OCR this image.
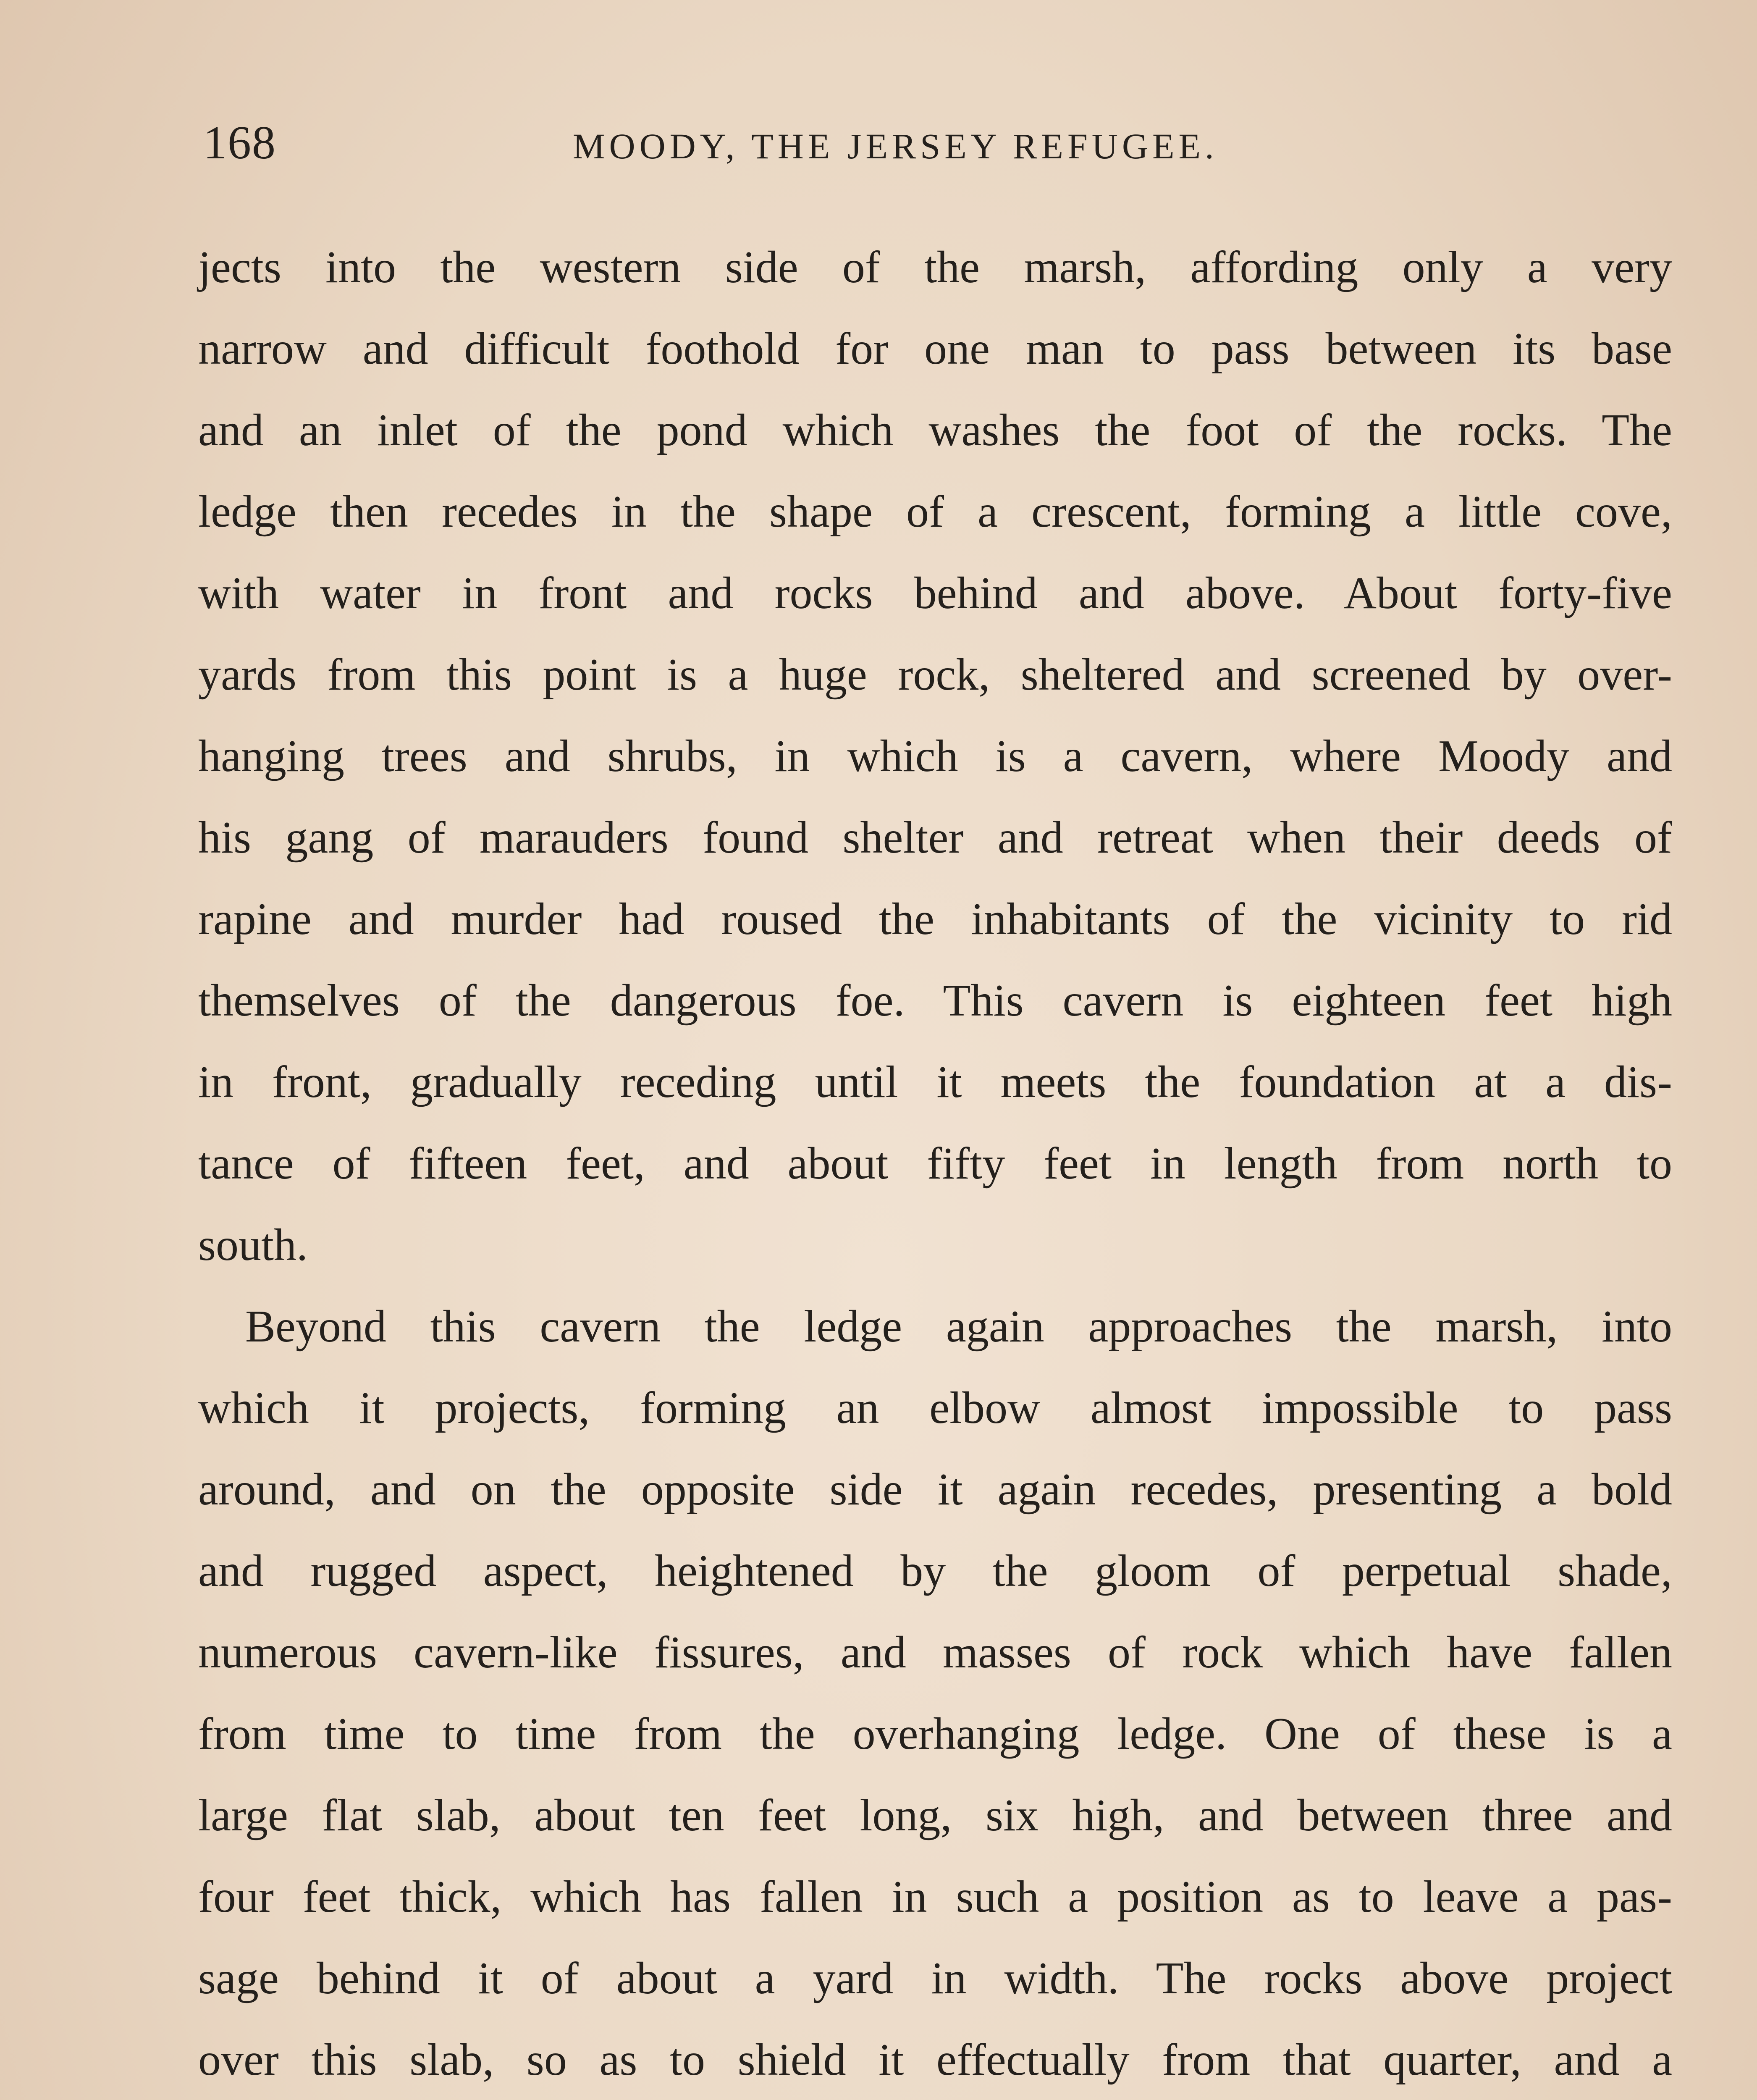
168	MOODY, THE JERSEY REFUGEE.
jects into the western side of the marsh, affording only a very
narrow and difficult foothold for one man to pass between its base
and an inlet of the pond which washes the foot of the rocks. The
ledge then recedes in the shape of a crescent, forming a little cove,
with water in front and rocks behind and above. About forty-five
yards from this point is a huge rock, sheltered and screened by over-
hanging trees and shrubs, in which is a cavern, where Moody and
his gang of marauders found shelter and retreat when their deeds of
rapine and murder had roused the inhabitants of the vicinity to rid
themselves of the dangerous foe. This cavern is eighteen feet high
in front, gradually receding until it meets the foundation at a dis-
tance of fifteen feet, and about fifty feet in length from north to
south.
Beyond this cavern the ledge again approaches the marsh, into
which it projects, forming an elbow almost impossible to pass
around, and on the opposite side it again recedes, presenting a bold
and rugged aspect, heightened by the gloom of perpetual shade,
numerous cavern-like fissures, and masses of rock which have fallen
from time to time from the overhanging ledge. One of these is a
large flat slab, about ten feet long, six high, and between three and
four feet thick, which has fallen in such a position as to leave a pas-
sage behind it of about a yard in width. The rocks above project
over this slab, so as to shield it effectually from that quarter, and a
